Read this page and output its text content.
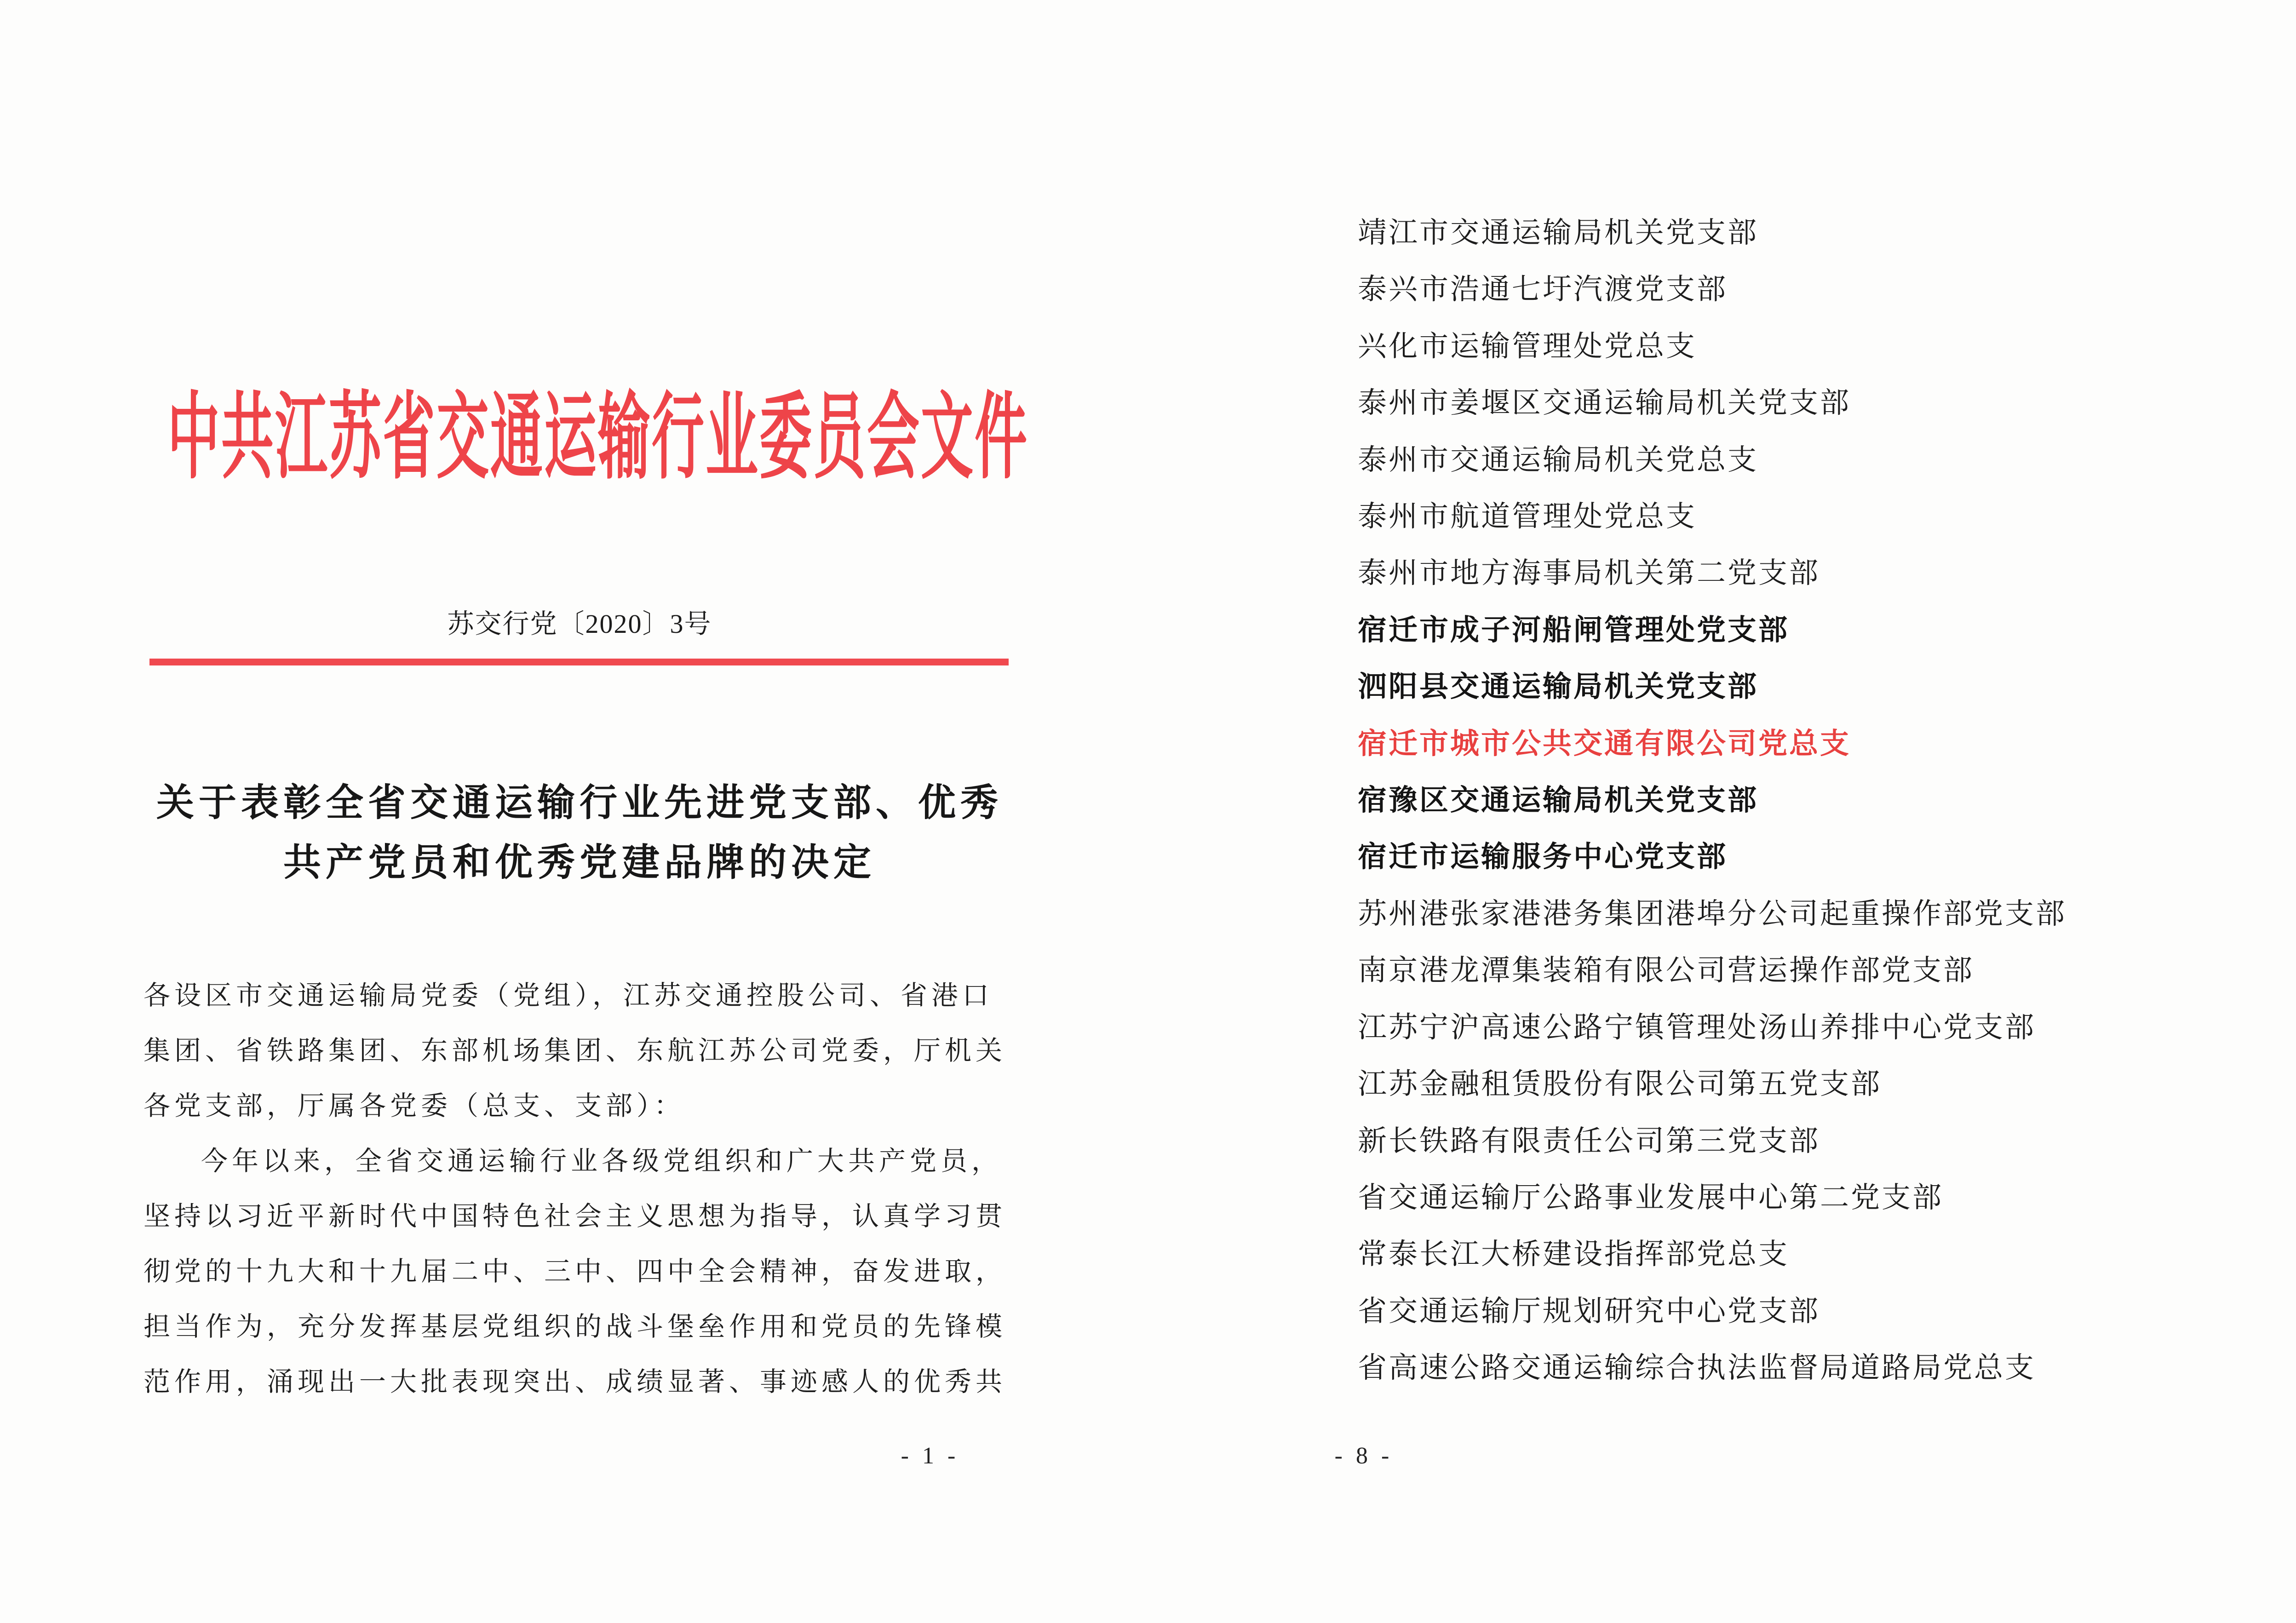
中共江苏省交通运输行业委员会文件
苏交行党〔2020〕3号
关于表彰全省交通运输行业先进党支部、优秀
共产党员和优秀党建品牌的决定
各设区市交通运输局党委（党组），江苏交通控股公司、省港口
集团、省铁路集团、东部机场集团、东航江苏公司党委，厅机关
各党支部，厅属各党委（总支、支部）：
今年以来，全省交通运输行业各级党组织和广大共产党员，
坚持以习近平新时代中国特色社会主义思想为指导，认真学习贯
彻党的十九大和十九届二中、三中、四中全会精神，奋发进取，
担当作为，充分发挥基层党组织的战斗堡垒作用和党员的先锋模
范作用，涌现出一大批表现突出、成绩显著、事迹感人的优秀共
- 1 -
靖江市交通运输局机关党支部
泰兴市浩通七圩汽渡党支部
兴化市运输管理处党总支
泰州市姜堰区交通运输局机关党支部
泰州市交通运输局机关党总支
泰州市航道管理处党总支
泰州市地方海事局机关第二党支部
宿迁市成子河船闸管理处党支部
泗阳县交通运输局机关党支部
宿迁市城市公共交通有限公司党总支
宿豫区交通运输局机关党支部
宿迁市运输服务中心党支部
苏州港张家港港务集团港埠分公司起重操作部党支部
南京港龙潭集装箱有限公司营运操作部党支部
江苏宁沪高速公路宁镇管理处汤山养排中心党支部
江苏金融租赁股份有限公司第五党支部
新长铁路有限责任公司第三党支部
省交通运输厅公路事业发展中心第二党支部
常泰长江大桥建设指挥部党总支
省交通运输厅规划研究中心党支部
省高速公路交通运输综合执法监督局道路局党总支
- 8 -
